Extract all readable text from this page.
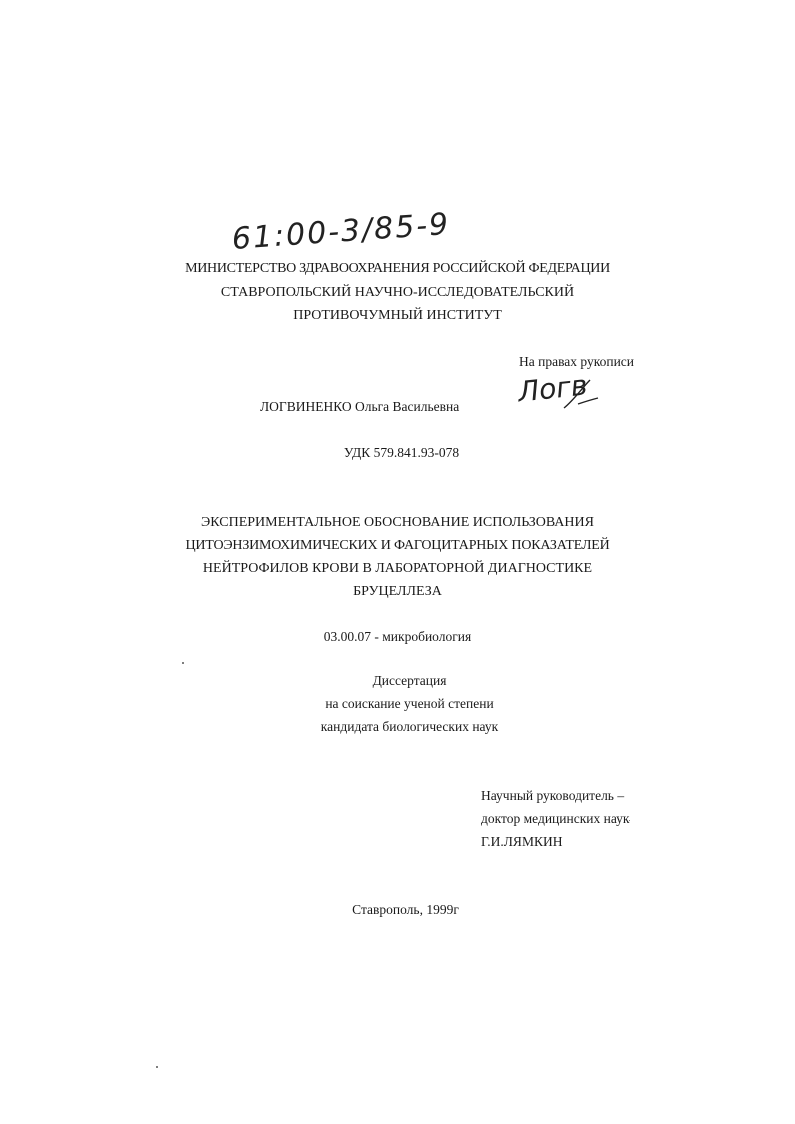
61:00-3/85-9
МИНИСТЕРСТВО ЗДРАВООХРАНЕНИЯ РОССИЙСКОЙ ФЕДЕРАЦИИ
СТАВРОПОЛЬСКИЙ НАУЧНО-ИССЛЕДОВАТЕЛЬСКИЙ
ПРОТИВОЧУМНЫЙ ИНСТИТУТ
На правах рукописи
Логв
ЛОГВИНЕНКО Ольга Васильевна
УДК 579.841.93-078
ЭКСПЕРИМЕНТАЛЬНОЕ ОБОСНОВАНИЕ ИСПОЛЬЗОВАНИЯ
ЦИТОЭНЗИМОХИМИЧЕСКИХ И ФАГОЦИТАРНЫХ ПОКАЗАТЕЛЕЙ
НЕЙТРОФИЛОВ КРОВИ В ЛАБОРАТОРНОЙ ДИАГНОСТИКЕ
БРУЦЕЛЛЕЗА
03.00.07 - микробиология
Диссертация
на соискание ученой степени
кандидата биологических наук
Научный руководитель –
доктор медицинских наук
Г.И.ЛЯМКИН
Ставрополь, 1999г
